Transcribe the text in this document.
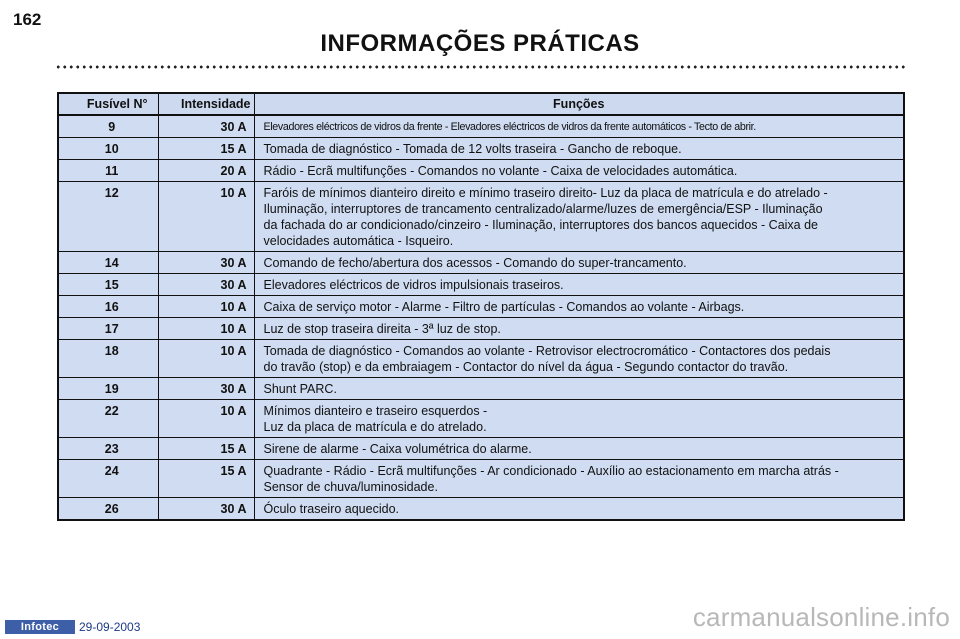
162
INFORMAÇÕES PRÁTICAS
Fusível N°	Intensidade	Funções
9	30 A	Elevadores eléctricos de vidros da frente - Elevadores eléctricos de vidros da frente automáticos - Tecto de abrir.

10	15 A	Tomada de diagnóstico - Tomada de 12 volts traseira - Gancho de reboque.

11	20 A	Rádio - Ecrã multifunções - Comandos no volante - Caixa de velocidades automática.

12	10 A	Faróis de mínimos dianteiro direito e mínimo traseiro direito- Luz da placa de matrícula e do atrelado -
Iluminação, interruptores de trancamento centralizado/alarme/luzes de emergência/ESP - Iluminação
da fachada do ar condicionado/cinzeiro - Iluminação, interruptores dos bancos aquecidos - Caixa de
velocidades automática - Isqueiro.

14	30 A	Comando de fecho/abertura dos acessos - Comando do super-trancamento.

15	30 A	Elevadores eléctricos de vidros impulsionais traseiros.

16	10 A	Caixa de serviço motor - Alarme - Filtro de partículas - Comandos ao volante - Airbags.

17	10 A	Luz de stop traseira direita - 3ª luz de stop.

18	10 A	Tomada de diagnóstico - Comandos ao volante - Retrovisor electrocromático - Contactores dos pedais
do travão (stop) e da embraiagem - Contactor do nível da água - Segundo contactor do travão.

19	30 A	Shunt PARC.

22	10 A	Mínimos dianteiro e traseiro esquerdos -
Luz da placa de matrícula e do atrelado.

23	15 A	Sirene de alarme - Caixa volumétrica do alarme.

24	15 A	Quadrante - Rádio - Ecrã multifunções - Ar condicionado - Auxílio ao estacionamento em marcha atrás -
Sensor de chuva/luminosidade.

26	30 A	Óculo traseiro aquecido.
Infotec	29-09-2003	carmanualsonline.info
